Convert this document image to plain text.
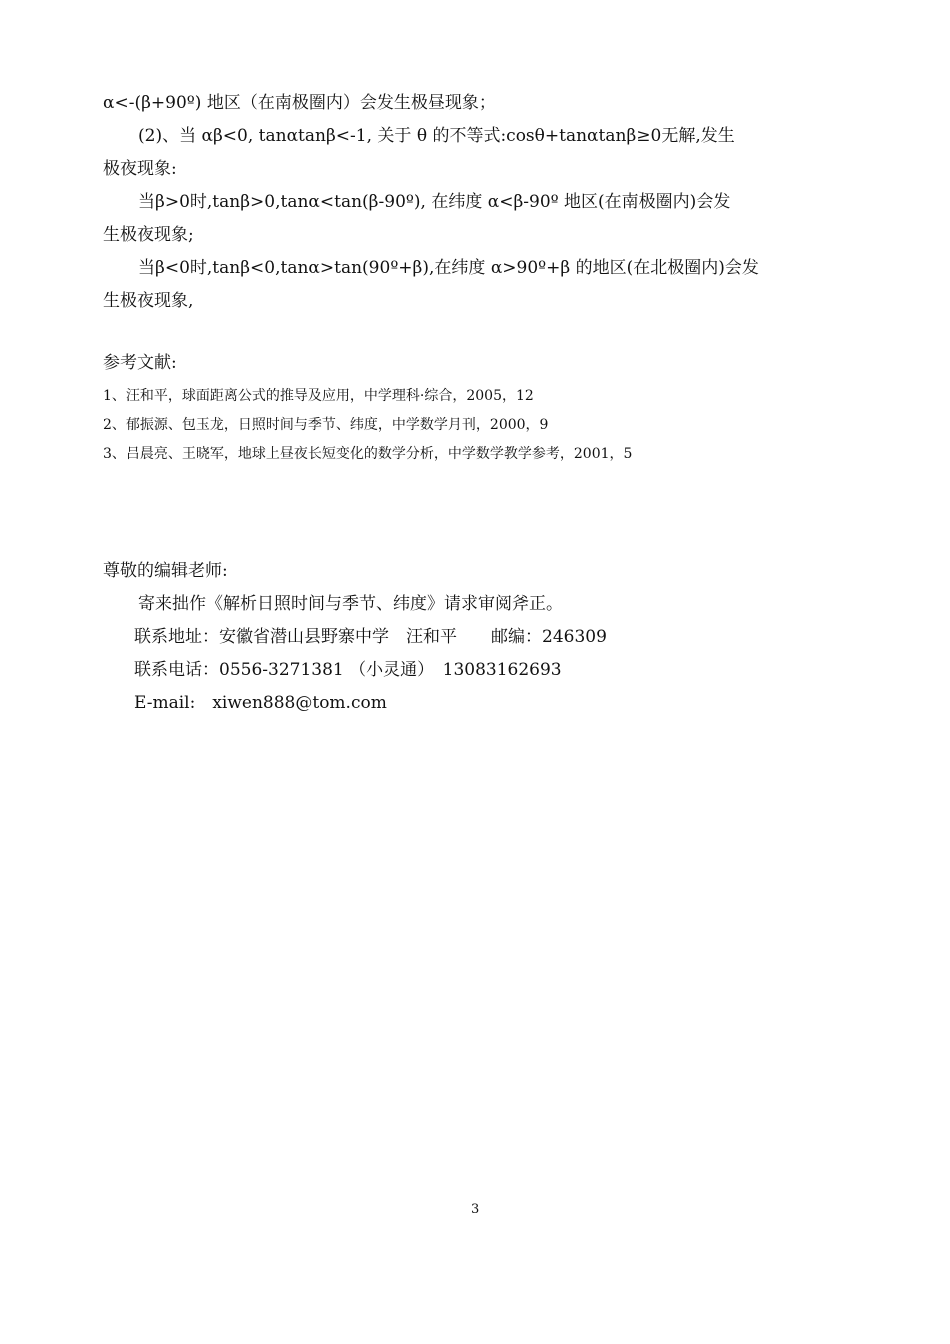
α<-(β+90º) 地区（在南极圈内）会发生极昼现象；
(2)、当 αβ<0, tanαtanβ<-1, 关于 θ 的不等式:cosθ+tanαtanβ≥0无解,发生
极夜现象:
当β>0时,tanβ>0,tanα<tan(β-90º), 在纬度 α<β-90º 地区(在南极圈内)会发
生极夜现象;
当β<0时,tanβ<0,tanα>tan(90º+β),在纬度 α>90º+β 的地区(在北极圈内)会发
生极夜现象,
参考文献:
1、汪和平，球面距离公式的推导及应用，中学理科·综合，2005，12
2、郁振源、包玉龙，日照时间与季节、纬度，中学数学月刊，2000，9
3、吕晨亮、王晓军，地球上昼夜长短变化的数学分析，中学数学教学参考，2001，5
尊敬的编辑老师:
寄来拙作《解析日照时间与季节、纬度》请求审阅斧正。
联系地址：安徽省潜山县野寨中学　汪和平　　邮编：246309
联系电话：0556-3271381 （小灵通）　13083162693
E-mail:　xiwen888@tom.com
3
